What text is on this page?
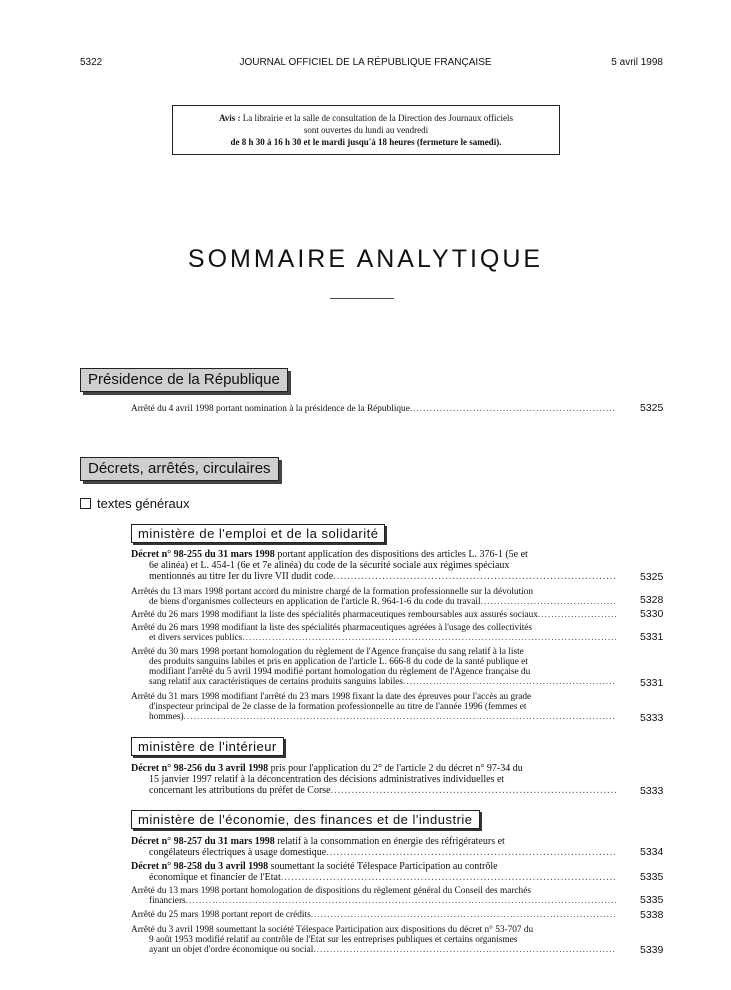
5322	JOURNAL OFFICIEL DE LA RÉPUBLIQUE FRANÇAISE	5 avril 1998
Avis : La librairie et la salle de consultation de la Direction des Journaux officiels
sont ouvertes du lundi au vendredi
de 8 h 30 à 16 h 30 et le mardi jusqu'à 18 heures (fermeture le samedi).
SOMMAIRE ANALYTIQUE
Présidence de la République
Arrêté du 4 avril 1998 portant nomination à la présidence de la République .....	5325
Décrets, arrêtés, circulaires
textes généraux
ministère de l'emploi et de la solidarité
Décret n° 98-255 du 31 mars 1998 portant application des dispositions des articles L. 376-1 (5e et
6e alinéa) et L. 454-1 (6e et 7e alinéa) du code de la sécurité sociale aux régimes spéciaux
mentionnés au titre Ier du livre VII dudit code .....	5325
Arrêtés du 13 mars 1998 portant accord du ministre chargé de la formation professionnelle sur la dévolution
de biens d'organismes collecteurs en application de l'article R. 964-1-6 du code du travail .....	5328
Arrêté du 26 mars 1998 modifiant la liste des spécialités pharmaceutiques remboursables aux assurés sociaux .....	5330
Arrêté du 26 mars 1998 modifiant la liste des spécialités pharmaceutiques agréées à l'usage des collectivités
et divers services publics .....	5331
Arrêté du 30 mars 1998 portant homologation du règlement de l'Agence française du sang relatif à la liste
des produits sanguins labiles et pris en application de l'article L. 666-8 du code de la santé publique et
modifiant l'arrêté du 5 avril 1994 modifié portant homologation du règlement de l'Agence française du
sang relatif aux caractéristiques de certains produits sanguins labiles .....	5331
Arrêté du 31 mars 1998 modifiant l'arrêté du 23 mars 1998 fixant la date des épreuves pour l'accès au grade
d'inspecteur principal de 2e classe de la formation professionnelle au titre de l'année 1996 (femmes et
hommes) .....	5333
ministère de l'intérieur
Décret n° 98-256 du 3 avril 1998 pris pour l'application du 2° de l'article 2 du décret n° 97-34 du
15 janvier 1997 relatif à la déconcentration des décisions administratives individuelles et
concernant les attributions du préfet de Corse .....	5333
ministère de l'économie, des finances et de l'industrie
Décret n° 98-257 du 31 mars 1998 relatif à la consommation en énergie des réfrigérateurs et
congélateurs électriques à usage domestique .....	5334
Décret n° 98-258 du 3 avril 1998 soumettant la société Télespace Participation au contrôle
économique et financier de l'Etat .....	5335
Arrêté du 13 mars 1998 portant homologation de dispositions du règlement général du Conseil des marchés
financiers .....	5335
Arrêté du 25 mars 1998 portant report de crédits .....	5338
Arrêté du 3 avril 1998 soumettant la société Télespace Participation aux dispositions du décret n° 53-707 du
9 août 1953 modifié relatif au contrôle de l'Etat sur les entreprises publiques et certains organismes
ayant un objet d'ordre économique ou social .....	5339
